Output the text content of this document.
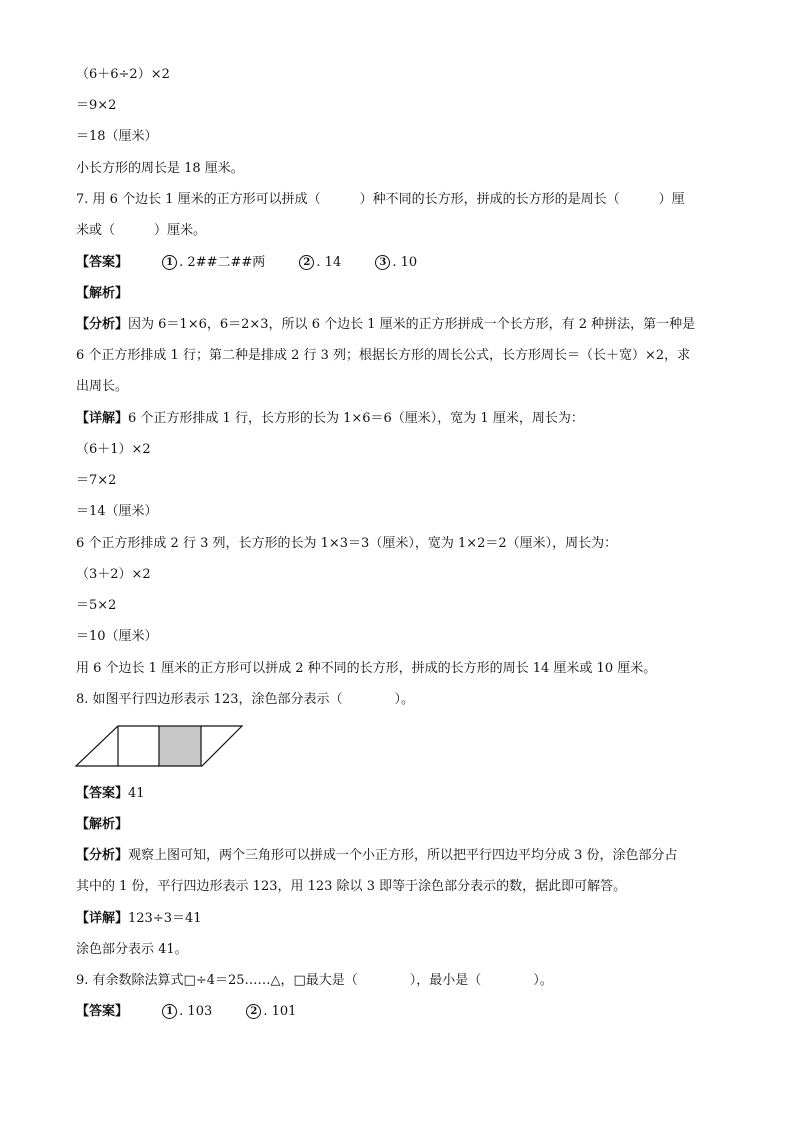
（6＋6÷2）×2
＝9×2
＝18（厘米）
小长方形的周长是 18 厘米。
7. 用 6 个边长 1 厘米的正方形可以拼成（　　　）种不同的长方形，拼成的长方形的是周长（　　　）厘
米或（　　　）厘米。
【答案】	1 . 2##二##两	2 . 14	3 . 10
【解析】
【分析】因为 6＝1×6，6＝2×3，所以 6 个边长 1 厘米的正方形拼成一个长方形，有 2 种拼法，第一种是
6 个正方形排成 1 行；第二种是排成 2 行 3 列；根据长方形的周长公式，长方形周长＝（长＋宽）×2，求
出周长。
【详解】6 个正方形排成 1 行，长方形的长为 1×6＝6（厘米），宽为 1 厘米，周长为：
（6＋1）×2
＝7×2
＝14（厘米）
6 个正方形排成 2 行 3 列，长方形的长为 1×3＝3（厘米），宽为 1×2＝2（厘米），周长为：
（3＋2）×2
＝5×2
＝10（厘米）
用 6 个边长 1 厘米的正方形可以拼成 2 种不同的长方形，拼成的长方形的周长 14 厘米或 10 厘米。
8. 如图平行四边形表示 123，涂色部分表示（　　　　）。
【答案】41
【解析】
【分析】观察上图可知，两个三角形可以拼成一个小正方形，所以把平行四边平均分成 3 份，涂色部分占
其中的 1 份，平行四边形表示 123，用 123 除以 3 即等于涂色部分表示的数，据此即可解答。
【详解】123÷3＝41
涂色部分表示 41。
9. 有余数除法算式□÷4＝25……△，□最大是（　　　　），最小是（　　　　）。
【答案】	1 . 103	2 . 101
